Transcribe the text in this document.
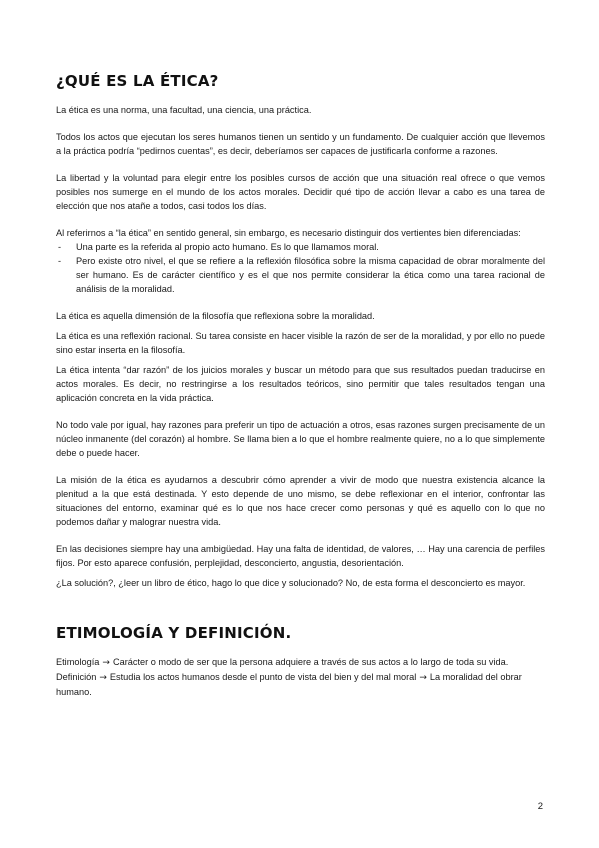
¿QUÉ ES LA ÉTICA?

La ética es una norma, una facultad, una ciencia, una práctica.

Todos los actos que ejecutan los seres humanos tienen un sentido y un fundamento. De cualquier acción que llevemos a la práctica podría “pedirnos cuentas”, es decir, deberíamos ser capaces de justificarla conforme a razones.

La libertad y la voluntad para elegir entre los posibles cursos de acción que una situación real ofrece o que vemos posibles nos sumerge en el mundo de los actos morales. Decidir qué tipo de acción llevar a cabo es una tarea de elección que nos atañe a todos, casi todos los días.

Al referirnos a “la ética” en sentido general, sin embargo, es necesario distinguir dos vertientes bien diferenciadas:

- Una parte es la referida al propio acto humano. Es lo que llamamos moral.
- Pero existe otro nivel, el que se refiere a la reflexión filosófica sobre la misma capacidad de obrar moralmente del ser humano. Es de carácter científico y es el que nos permite considerar la ética como una tarea racional de análisis de la moralidad.

La ética es aquella dimensión de la filosofía que reflexiona sobre la moralidad.

La ética es una reflexión racional. Su tarea consiste en hacer visible la razón de ser de la moralidad, y por ello no puede sino estar inserta en la filosofía.

La ética intenta “dar razón” de los juicios morales y buscar un método para que sus resultados puedan traducirse en actos morales. Es decir, no restringirse a los resultados teóricos, sino permitir que tales resultados tengan una aplicación concreta en la vida práctica.

No todo vale por igual, hay razones para preferir un tipo de actuación a otros, esas razones surgen precisamente de un núcleo inmanente (del corazón) al hombre. Se llama bien a lo que el hombre realmente quiere, no a lo que simplemente debe o puede hacer.

La misión de la ética es ayudarnos a descubrir cómo aprender a vivir de modo que nuestra existencia alcance la plenitud a la que está destinada. Y esto depende de uno mismo, se debe reflexionar en el interior, confrontar las situaciones del entorno, examinar qué es lo que nos hace crecer como personas y qué es aquello con lo que no podemos dañar y malograr nuestra vida.

En las decisiones siempre hay una ambigüedad. Hay una falta de identidad, de valores, … Hay una carencia de perfiles fijos. Por esto aparece confusión, perplejidad, desconcierto, angustia, desorientación.

¿La solución?, ¿leer un libro de ético, hago lo que dice y solucionado? No, de esta forma el desconcierto es mayor.

ETIMOLOGÍA Y DEFINICIÓN.
Etimología → Carácter o modo de ser que la persona adquiere a través de sus actos a lo largo de toda su vida.
Definición → Estudia los actos humanos desde el punto de vista del bien y del mal moral → La moralidad del obrar humano.
2
